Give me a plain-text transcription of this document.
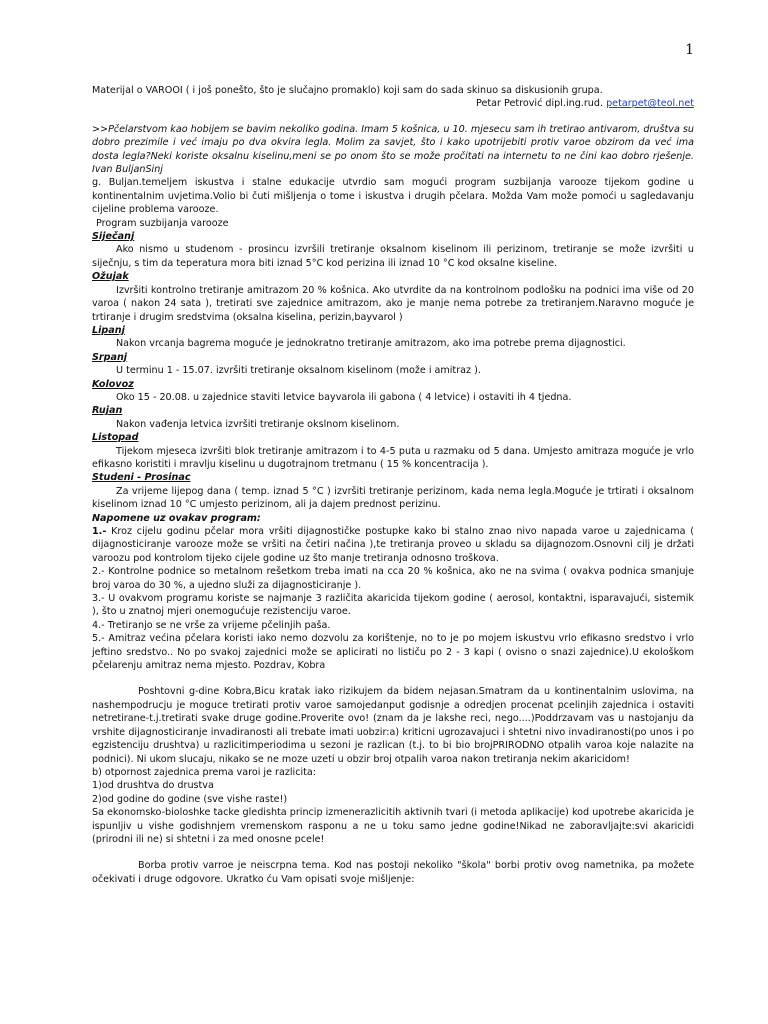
1

Materijal o VAROOI ( i još ponešto, što je slučajno promaklo) koji sam do sada skinuo sa diskusionih grupa.

Petar Petrović dipl.ing.rud. petarpet@teol.net

>>Pčelarstvom kao hobijem se bavim nekoliko godina. Imam 5 košnica, u 10. mjesecu sam ih tretirao antivarom, društva su dobro prezimile i već imaju po dva okvira legla. Molim za savjet, što i kako upotrijebiti protiv varoe obzirom da već ima dosta legla?Neki koriste oksalnu kiselinu,meni se po onom što se može pročitati na internetu to ne čini kao dobro rješenje. Ivan BuljanSinj

g. Buljan.temeljem iskustva i stalne edukacije utvrdio sam mogući program suzbijanja varooze tijekom godine u kontinentalnim uvjetima.Volio bi čuti mišljenja o tome i iskustva i drugih pčelara. Možda Vam može pomoći u sagledavanju cijeline problema varooze.

Program suzbijanja varooze

Siječanj

Ako nismo u studenom - prosincu izvršili tretiranje oksalnom kiselinom ili perizinom, tretiranje se može izvršiti u siječnju, s tim da teperatura mora biti iznad 5°C kod perizina ili iznad 10 °C kod oksalne kiseline.

Ožujak

Izvršiti kontrolno tretiranje amitrazom 20 % košnica. Ako utvrdite da na kontrolnom podlošku na podnici ima više od 20 varoa ( nakon 24 sata ), tretirati sve zajednice amitrazom, ako je manje nema potrebe za tretiranjem.Naravno moguće je trtiranje i drugim sredstvima (oksalna kiselina, perizin,bayvarol )

Lipanj

Nakon vrcanja bagrema moguće je jednokratno tretiranje amitrazom, ako ima potrebe prema dijagnostici.

Srpanj

U terminu 1 - 15.07. izvršiti tretiranje oksalnom kiselinom (može i amitraz ).

Kolovoz

Oko 15 - 20.08. u zajednice staviti letvice bayvarola ili gabona ( 4 letvice) i ostaviti ih 4 tjedna.

Rujan

Nakon vađenja letvica izvršiti tretiranje okslnom kiselinom.

Listopad

Tijekom mjeseca izvršiti blok tretiranje amitrazom i to 4-5 puta u razmaku od 5 dana. Umjesto amitraza moguće je vrlo efikasno koristiti i mravlju kiselinu u dugotrajnom tretmanu ( 15 % koncentracija ).

Studeni - Prosinac

Za vrijeme lijepog dana ( temp. iznad 5 °C ) izvršiti tretiranje perizinom, kada nema legla.Moguće je trtirati i oksalnom kiselinom iznad 10 °C umjesto perizinom, ali ja dajem prednost perizinu.

Napomene uz ovakav program:

1.- Kroz cijelu godinu pčelar mora vršiti dijagnostičke postupke kako bi stalno znao nivo napada varoe u zajednicama ( dijagnosticiranje varooze može se vršiti na četiri načina ),te tretiranja proveo u skladu sa dijagnozom.Osnovni cilj je držati varoozu pod kontrolom tijeko cijele godine uz što manje tretiranja odnosno troškova.

2.- Kontrolne podnice so metalnom rešetkom treba imati na cca 20 % košnica, ako ne na svima ( ovakva podnica smanjuje broj varoa do 30 %, a ujedno služi za dijagnosticiranje ).

3.- U ovakvom programu koriste se najmanje 3 različita akaricida tijekom godine ( aerosol, kontaktni, isparavajući, sistemik ), što u znatnoj mjeri onemogućuje rezistenciju varoe.

4.- Tretiranjo se ne vrše za vrijeme pčelinjih paša.

5.- Amitraz većina pčelara koristi iako nemo dozvolu za korištenje, no to je po mojem iskustvu vrlo efikasno sredstvo i vrlo jeftino sredstvo.. No po svakoj zajednici može se aplicirati no lističu po 2 - 3 kapi ( ovisno o snazi zajednice).U ekološkom pčelarenju amitraz nema mjesto. Pozdrav, Kobra

Poshtovni g-dine Kobra,Bicu kratak iako rizikujem da bidem nejasan.Smatram da u kontinentalnim uslovima, na nashempodrucju je moguce tretirati protiv varoe samojedanput godisnje a odredjen procenat pcelinjih zajednica i ostaviti netretirane-t.j.tretirati svake druge godine.Proverite ovo! (znam da je lakshe reci, nego....)Poddrzavam vas u nastojanju da vrshite dijagnosticiranje invadiranosti ali trebate imati uobzir:a) kriticni ugrozavajuci i shtetni nivo invadiranosti(po unos i po egzistenciju drushtva) u razlicitimperiodima u sezoni je razlican (t.j. to bi bio brojPRIRODNO otpalih varoa koje nalazite na podnici). Ni ukom slucaju, nikako se ne moze uzeti u obzir broj otpalih varoa nakon tretiranja nekim akaricidom!

b) otpornost zajednica prema varoi je razlicita:

1)od drushtva do drustva

2)od godine do godine (sve vishe raste!)

Sa ekonomsko-bioloshke tacke gledishta princip izmenerazlicitih aktivnih tvari (i metoda aplikacije) kod upotrebe akaricida je ispunljiv u vishe godishnjem vremenskom rasponu a ne u toku samo jedne godine!Nikad ne zaboravljajte:svi akaricidi (prirodni ili ne) si shtetni i za med onosne pcele!

Borba protiv varroe je neiscrpna tema. Kod nas postoji nekoliko "škola" borbi protiv ovog nametnika, pa možete očekivati i druge odgovore. Ukratko ću Vam opisati svoje mišljenje:
